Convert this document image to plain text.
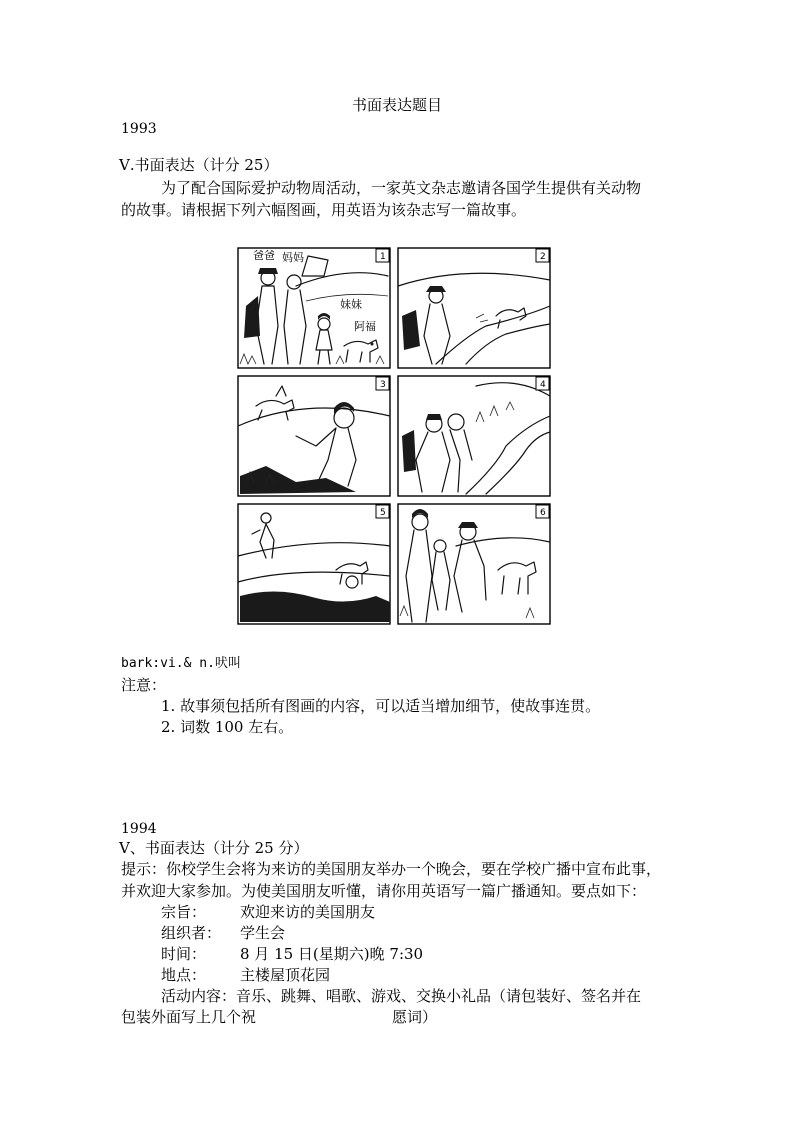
书面表达题目
1993
Ⅴ.书面表达（计分 25）
为了配合国际爱护动物周活动，一家英文杂志邀请各国学生提供有关动物
的故事。请根据下列六幅图画，用英语为该杂志写一篇故事。
1
爸爸 妈妈
妹妹
阿福
2
3	4
5	6
bark:vi.& n.吠叫
注意：
1. 故事须包括所有图画的内容，可以适当增加细节，使故事连贯。
2. 词数 100 左右。
1994
Ⅴ、书面表达（计分 25 分）
提示：你校学生会将为来访的美国朋友举办一个晚会，要在学校广播中宣布此事，
并欢迎大家参加。为使美国朋友听懂，请你用英语写一篇广播通知。要点如下：
宗旨： 欢迎来访的美国朋友
组织者： 学生会
时间： 8 月 15 日(星期六)晚 7:30
地点： 主楼屋顶花园
活动内容：音乐、跳舞、唱歌、游戏、交换小礼品（请包装好、签名并在
包装外面写上几个祝	愿词）
